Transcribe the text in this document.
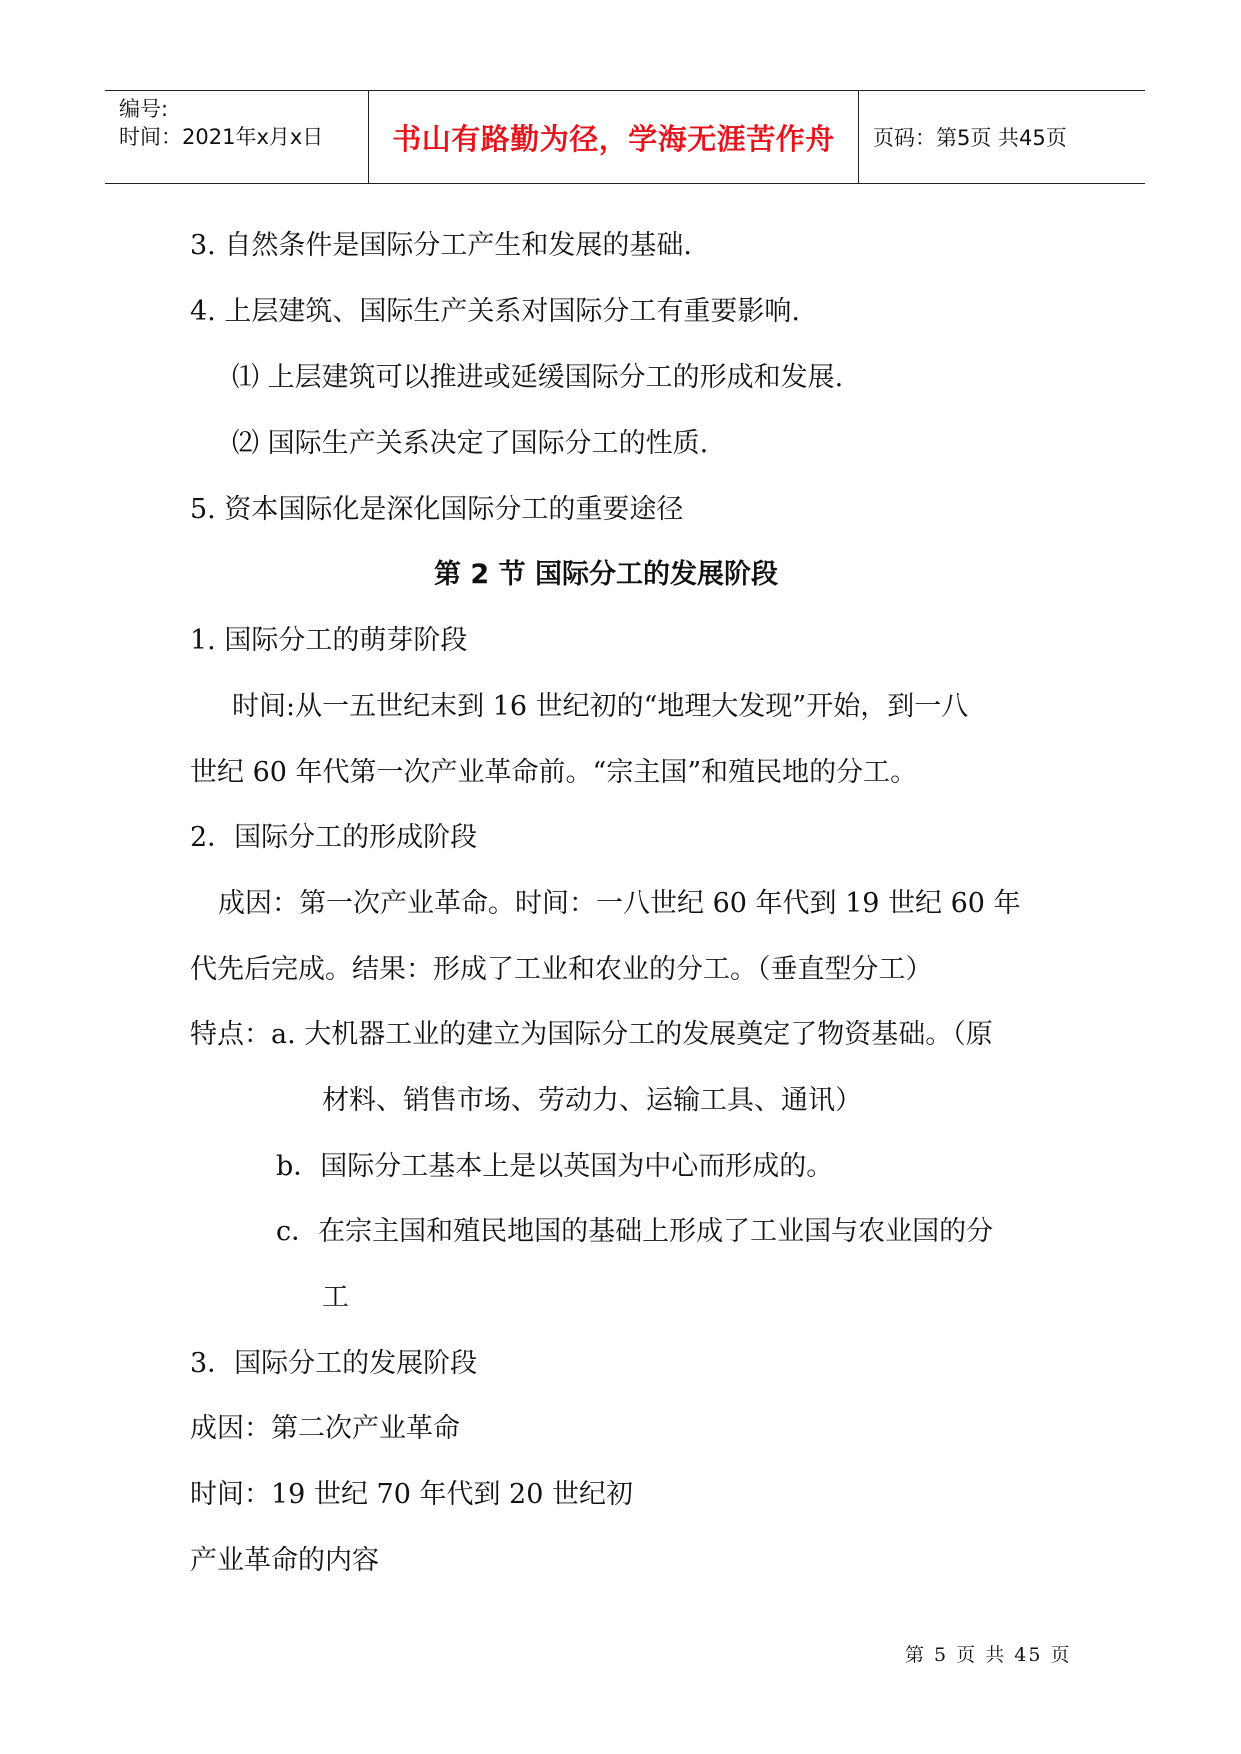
编号:
时间：2021年x月x日 书山有路勤为径，学海无涯苦作舟 页码：第5页 共45页
3. 自然条件是国际分工产生和发展的基础.
4. 上层建筑、国际生产关系对国际分工有重要影响.
⑴ 上层建筑可以推进或延缓国际分工的形成和发展.
⑵ 国际生产关系决定了国际分工的性质.
5. 资本国际化是深化国际分工的重要途径
第 2 节 国际分工的发展阶段
1. 国际分工的萌芽阶段
时间:从一五世纪末到 16 世纪初的“地理大发现”开始，到一八
世纪 60 年代第一次产业革命前。“宗主国”和殖民地的分工。
2．国际分工的形成阶段
成因：第一次产业革命。时间：一八世纪 60 年代到 19 世纪 60 年
代先后完成。结果：形成了工业和农业的分工。（垂直型分工）
特点：a. 大机器工业的建立为国际分工的发展奠定了物资基础。（原
材料、销售市场、劳动力、运输工具、通讯）
b．国际分工基本上是以英国为中心而形成的。
c．在宗主国和殖民地国的基础上形成了工业国与农业国的分
工
3．国际分工的发展阶段
成因：第二次产业革命
时间：19 世纪 70 年代到 20 世纪初
产业革命的内容
第 5 页 共 45 页
